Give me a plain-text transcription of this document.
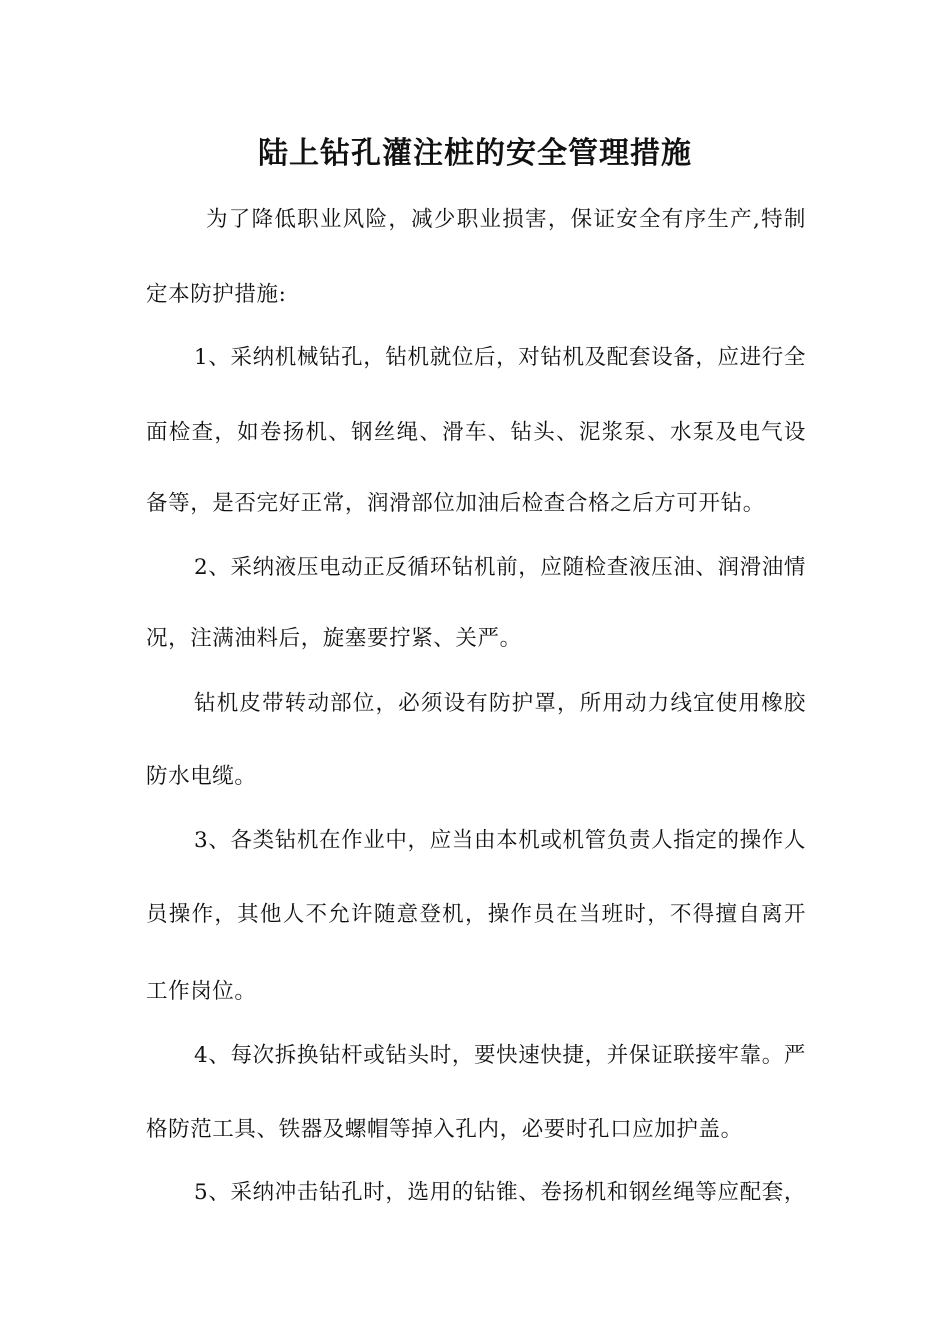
陆上钻孔灌注桩的安全管理措施
为了降低职业风险，减少职业损害，保证安全有序生产,特制
定本防护措施:
1、采纳机械钻孔，钻机就位后，对钻机及配套设备，应进行全
面检查，如卷扬机、钢丝绳、滑车、钻头、泥浆泵、水泵及电气设
备等，是否完好正常，润滑部位加油后检查合格之后方可开钻。
2、采纳液压电动正反循环钻机前，应随检查液压油、润滑油情
况，注满油料后，旋塞要拧紧、关严。
钻机皮带转动部位，必须设有防护罩，所用动力线宜使用橡胶
防水电缆。
3、各类钻机在作业中，应当由本机或机管负责人指定的操作人
员操作，其他人不允许随意登机，操作员在当班时，不得擅自离开
工作岗位。
4、每次拆换钻杆或钻头时，要快速快捷，并保证联接牢靠。严
格防范工具、铁器及螺帽等掉入孔内，必要时孔口应加护盖。
5、采纳冲击钻孔时，选用的钻锥、卷扬机和钢丝绳等应配套，
